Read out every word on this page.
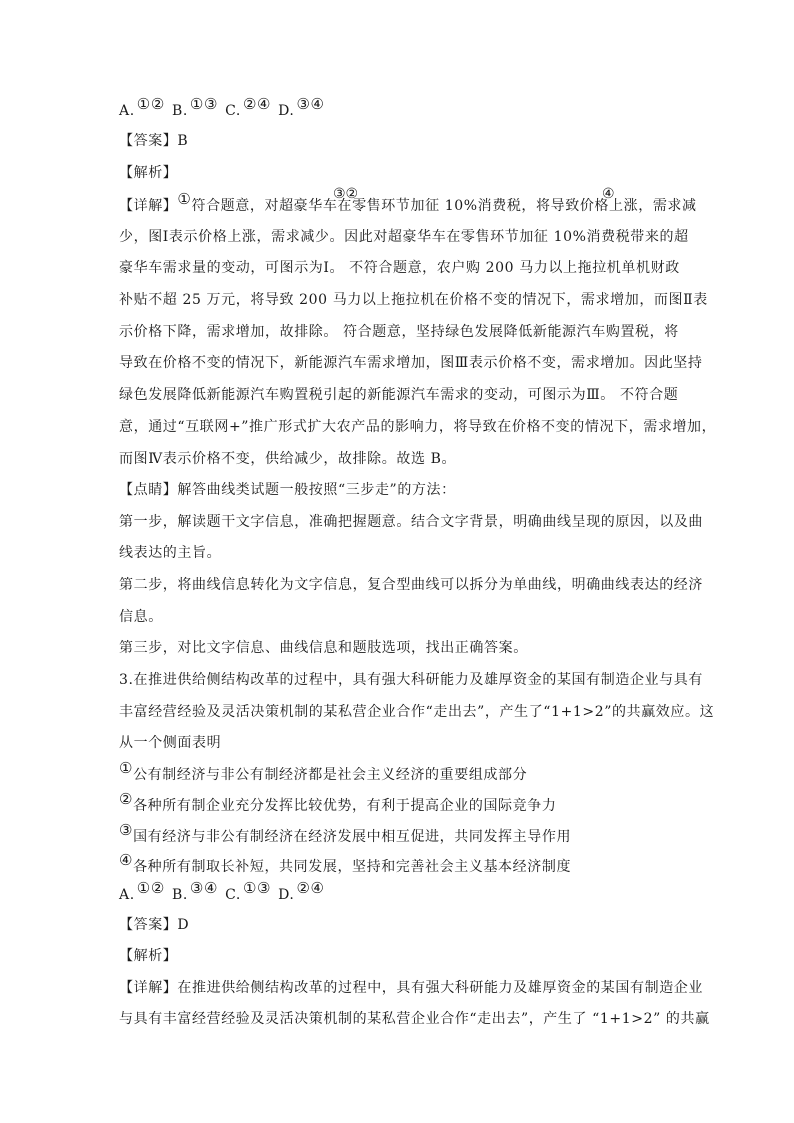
A. ①② B. ①③ C. ②④ D. ③④
【答案】B
【解析】
【详解】①符合题意，对超豪华车在零售环节加征 10%消费税，将导致价格上涨，需求减
③②	④
少，图Ⅰ表示价格上涨，需求减少。因此对超豪华车在零售环节加征 10%消费税带来的超
豪华车需求量的变动，可图示为Ⅰ。 不符合题意，农户购 200 马力以上拖拉机单机财政
补贴不超 25 万元，将导致 200 马力以上拖拉机在价格不变的情况下，需求增加，而图Ⅱ表
示价格下降，需求增加，故排除。 符合题意，坚持绿色发展降低新能源汽车购置税，将
导致在价格不变的情况下，新能源汽车需求增加，图Ⅲ表示价格不变，需求增加。因此坚持
绿色发展降低新能源汽车购置税引起的新能源汽车需求的变动，可图示为Ⅲ。 不符合题
意，通过“互联网+”推广形式扩大农产品的影响力，将导致在价格不变的情况下，需求增加，
而图Ⅳ表示价格不变，供给减少，故排除。故选 B。
【点睛】解答曲线类试题一般按照“三步走”的方法：
第一步，解读题干文字信息，准确把握题意。结合文字背景，明确曲线呈现的原因，以及曲
线表达的主旨。
第二步，将曲线信息转化为文字信息，复合型曲线可以拆分为单曲线，明确曲线表达的经济
信息。
第三步，对比文字信息、曲线信息和题肢选项，找出正确答案。
3.在推进供给侧结构改革的过程中，具有强大科研能力及雄厚资金的某国有制造企业与具有
丰富经营经验及灵活决策机制的某私营企业合作“走出去”，产生了“1+1>2”的共赢效应。这
从一个侧面表明
①公有制经济与非公有制经济都是社会主义经济的重要组成部分
②各种所有制企业充分发挥比较优势，有利于提高企业的国际竞争力
③国有经济与非公有制经济在经济发展中相互促进，共同发挥主导作用
④各种所有制取长补短，共同发展，坚持和完善社会主义基本经济制度
A. ①② B. ③④ C. ①③ D. ②④
【答案】D
【解析】
【详解】在推进供给侧结构改革的过程中，具有强大科研能力及雄厚资金的某国有制造企业
与具有丰富经营经验及灵活决策机制的某私营企业合作“走出去”，产生了 “1+1>2” 的共赢
